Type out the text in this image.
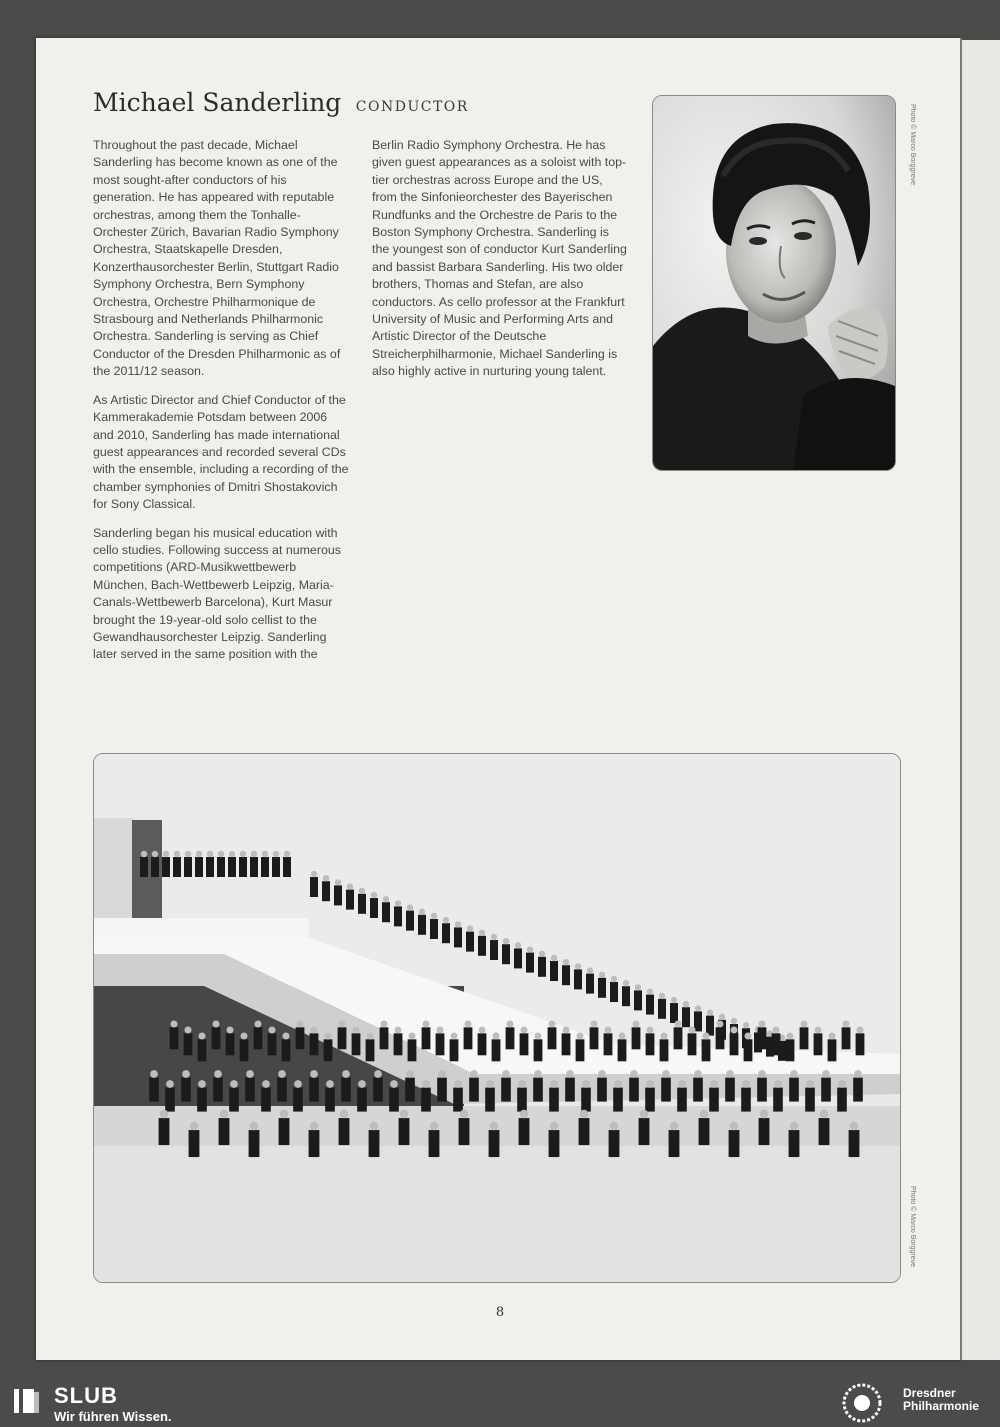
Michael Sanderling CONDUCTOR

Throughout the past decade, Michael Sanderling has become known as one of the most sought-after conductors of his generation. He has appeared with reputable orchestras, among them the Tonhalle-Orchester Zürich, Bavarian Radio Symphony Orchestra, Staatskapelle Dresden, Konzerthausorchester Berlin, Stuttgart Radio Symphony Orchestra, Bern Symphony Orchestra, Orchestre Philharmonique de Strasbourg and Netherlands Philharmonic Orchestra. Sanderling is serving as Chief Conductor of the Dresden Philharmonic as of the 2011/12 season.

As Artistic Director and Chief Conductor of the Kammerakademie Potsdam between 2006 and 2010, Sanderling has made international guest appearances and recorded several CDs with the ensemble, including a recording of the chamber symphonies of Dmitri Shostakovich for Sony Classical.

Sanderling began his musical education with cello studies. Following success at numerous competitions (ARD-Musikwettbewerb München, Bach-Wettbewerb Leipzig, Maria-Canals-Wettbewerb Barcelona), Kurt Masur brought the 19-year-old solo cellist to the Gewandhausorchester Leipzig. Sanderling later served in the same position with the

Berlin Radio Symphony Orchestra. He has given guest appearances as a soloist with top-tier orchestras across Europe and the US, from the Sinfonieorchester des Bayerischen Rundfunks and the Orchestre de Paris to the Boston Symphony Orchestra. Sanderling is the youngest son of conductor Kurt Sanderling and bassist Barbara Sanderling. His two older brothers, Thomas and Stefan, are also conductors. As cello professor at the Frankfurt University of Music and Performing Arts and Artistic Director of the Deutsche Streicherphilharmonie, Michael Sanderling is also highly active in nurturing young talent.

Photo © Marco Borggreve
Photo © Marco Borggreve
8
SLUB
Wir führen Wissen.
Dresdner Philharmonie
